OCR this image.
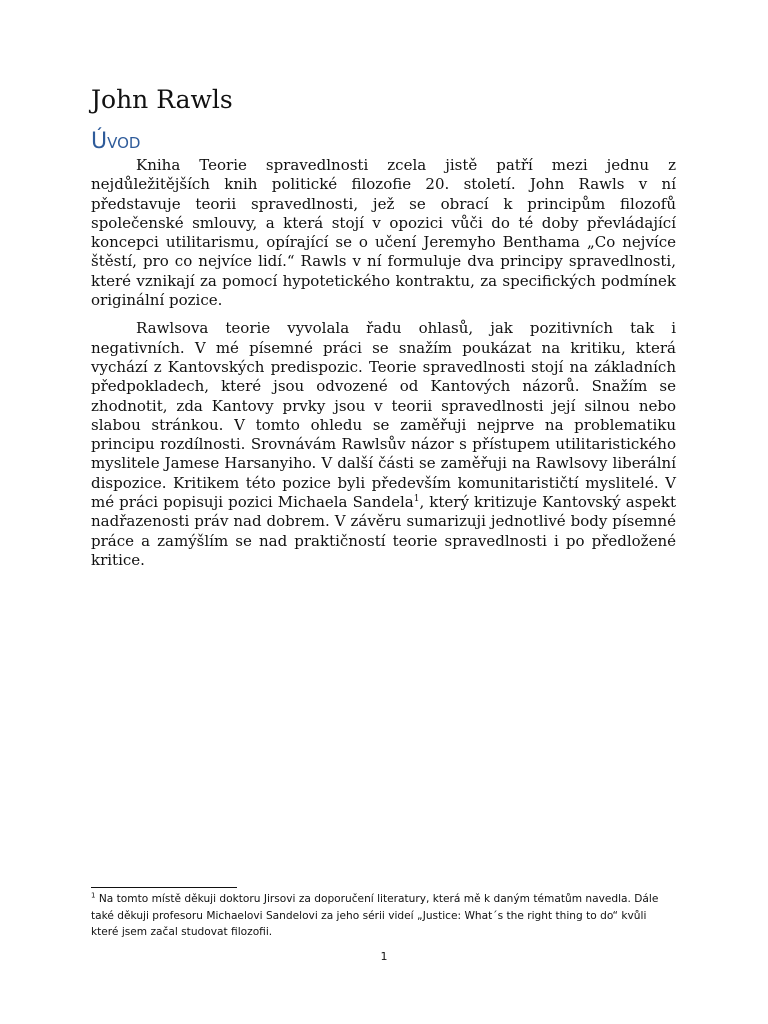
John Rawls
Úvod

Kniha Teorie spravedlnosti zcela jistě patří mezi jednu z nejdůležitějších knih politické filozofie 20. století. John Rawls v ní představuje teorii spravedlnosti, jež se obrací k principům filozofů společenské smlouvy, a která stojí v opozici vůči do té doby převládající koncepci utilitarismu, opírající se o učení Jeremyho Benthama „Co nejvíce štěstí, pro co nejvíce lidí.“ Rawls v ní formuluje dva principy spravedlnosti, které vznikají za pomocí hypotetického kontraktu, za specifických podmínek originální pozice.

Rawlsova teorie vyvolala řadu ohlasů, jak pozitivních tak i negativních. V mé písemné práci se snažím poukázat na kritiku, která vychází z Kantovských predispozic. Teorie spravedlnosti stojí na základních předpokladech, které jsou odvozené od Kantových názorů. Snažím se zhodnotit, zda Kantovy prvky jsou v teorii spravedlnosti její silnou nebo slabou stránkou. V tomto ohledu se zaměřuji nejprve na problematiku principu rozdílnosti. Srovnávám Rawlsův názor s přístupem utilitaristického myslitele Jamese Harsanyiho. V další části se zaměřuji na Rawlsovy liberální dispozice. Kritikem této pozice byli především komunitarističtí myslitelé. V mé práci popisuji pozici Michaela Sandela$^1$, který kritizuje Kantovský aspekt nadřazenosti práv nad dobrem. V závěru sumarizuji jednotlivé body písemné práce a zamýšlím se nad praktičností teorie spravedlnosti i po předložené kritice.

$^1$ Na tomto místě děkuji doktoru Jirsovi za doporučení literatury, která mě k daným tématům navedla. Dále také děkuji profesoru Michaelovi Sandelovi za jeho sérii videí „Justice: What´s the right thing to do“ kvůli které jsem začal studovat filozofii.

1
